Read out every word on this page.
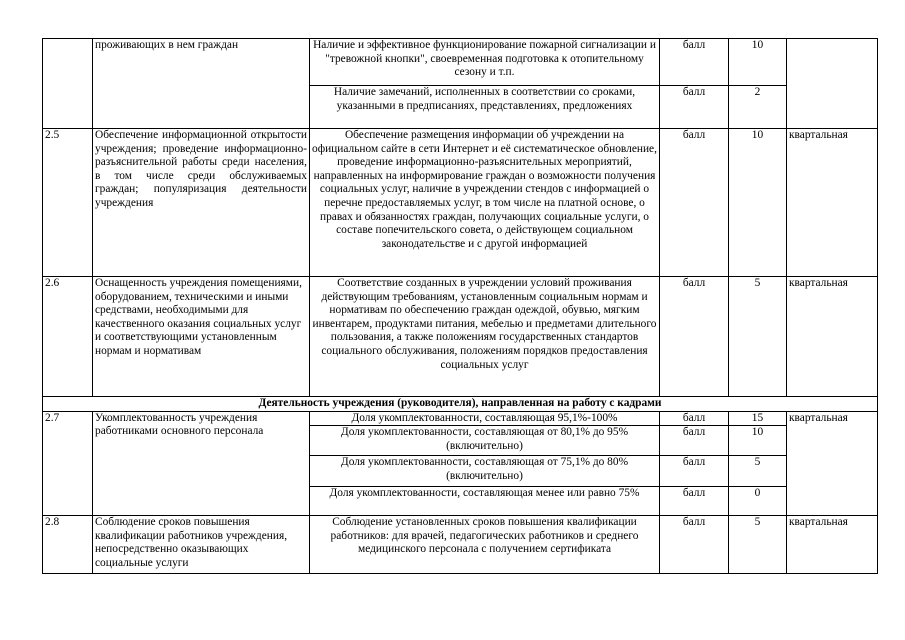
	проживающих в нем граждан	Наличие и эффективное функционирование пожарной сигнализации и "тревожной кнопки", своевременная подготовка к отопительному сезону и т.п.	балл	10	
		Наличие замечаний, исполненных в соответствии со сроками, указанными в предписаниях, представлениях, предложениях	балл	2	
2.5	Обеспечение информационной открытости учреждения; проведение информационно-разъяснительной работы среди населения, в том числе среди обслуживаемых граждан; популяризация деятельности учреждения	Обеспечение размещения информации об учреждении на официальном сайте в сети Интернет и её систематическое обновление, проведение информационно-разъяснительных мероприятий, направленных на информирование граждан о возможности получения социальных услуг, наличие в учреждении стендов с информацией о перечне предоставляемых услуг, в том числе на платной основе, о правах и обязанностях граждан, получающих социальные услуги, о составе попечительского совета, о действующем социальном законодательстве и с другой информацией	балл	10	квартальная
2.6	Оснащенность учреждения помещениями, оборудованием, техническими и иными средствами, необходимыми для качественного оказания социальных услуг и соответствующими установленным нормам и нормативам	Соответствие созданных в учреждении условий проживания действующим требованиям, установленным социальным нормам и нормативам по обеспечению граждан одеждой, обувью, мягким инвентарем, продуктами питания, мебелью и предметами длительного пользования, а также положениям государственных стандартов социального обслуживания, положениям порядков предоставления социальных услуг	балл	5	квартальная
Деятельность учреждения (руководителя), направленная на работу с кадрами					
2.7	Укомплектованность учреждения работниками основного персонала	Доля укомплектованности, составляющая 95,1%-100%	балл	15	квартальная
		Доля укомплектованности, составляющая от 80,1% до 95% (включительно)	балл	10	
		Доля укомплектованности, составляющая от 75,1% до 80% (включительно)	балл	5	
		Доля укомплектованности, составляющая менее или равно 75%	балл	0	
2.8	Соблюдение сроков повышения квалификации работников учреждения, непосредственно оказывающих социальные услуги	Соблюдение установленных сроков повышения квалификации работников: для врачей, педагогических работников и среднего медицинского персонала с получением сертификата	балл	5	квартальная
